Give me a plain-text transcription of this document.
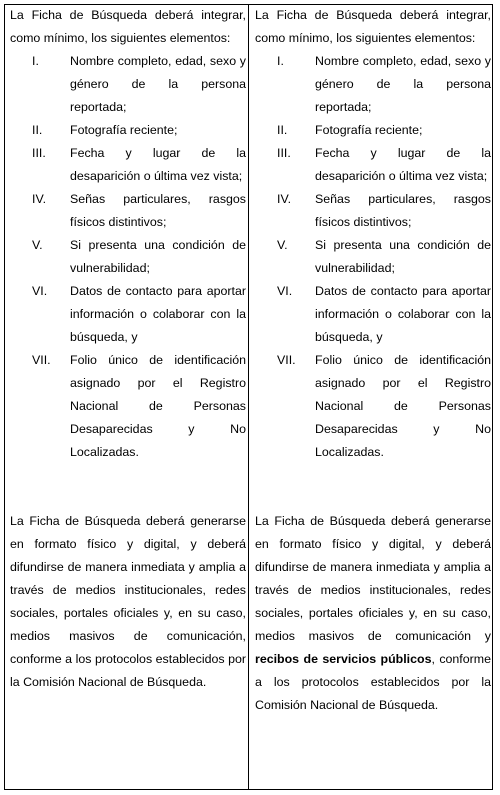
La Ficha de Búsqueda deberá integrar, como mínimo, los siguientes elementos:

I.	Nombre completo, edad, sexo y género de la persona reportada;
II.	Fotografía reciente;
III.	Fecha y lugar de la desaparición o última vez vista;
IV.	Señas particulares, rasgos físicos distintivos;
V.	Si presenta una condición de vulnerabilidad;
VI.	Datos de contacto para aportar información o colaborar con la búsqueda, y
VII.	Folio único de identificación asignado por el Registro Nacional de Personas Desaparecidas y No Localizadas.

La Ficha de Búsqueda deberá generarse en formato físico y digital, y deberá difundirse de manera inmediata y amplia a través de medios institucionales, redes sociales, portales oficiales y, en su caso, medios masivos de comunicación, conforme a los protocolos establecidos por la Comisión Nacional de Búsqueda.

La Ficha de Búsqueda deberá integrar, como mínimo, los siguientes elementos:

I.	Nombre completo, edad, sexo y género de la persona reportada;
II.	Fotografía reciente;
III.	Fecha y lugar de la desaparición o última vez vista;
IV.	Señas particulares, rasgos físicos distintivos;
V.	Si presenta una condición de vulnerabilidad;
VI.	Datos de contacto para aportar información o colaborar con la búsqueda, y
VII.	Folio único de identificación asignado por el Registro Nacional de Personas Desaparecidas y No Localizadas.

La Ficha de Búsqueda deberá generarse en formato físico y digital, y deberá difundirse de manera inmediata y amplia a través de medios institucionales, redes sociales, portales oficiales y, en su caso, medios masivos de comunicación y recibos de servicios públicos, conforme a los protocolos establecidos por la Comisión Nacional de Búsqueda.
